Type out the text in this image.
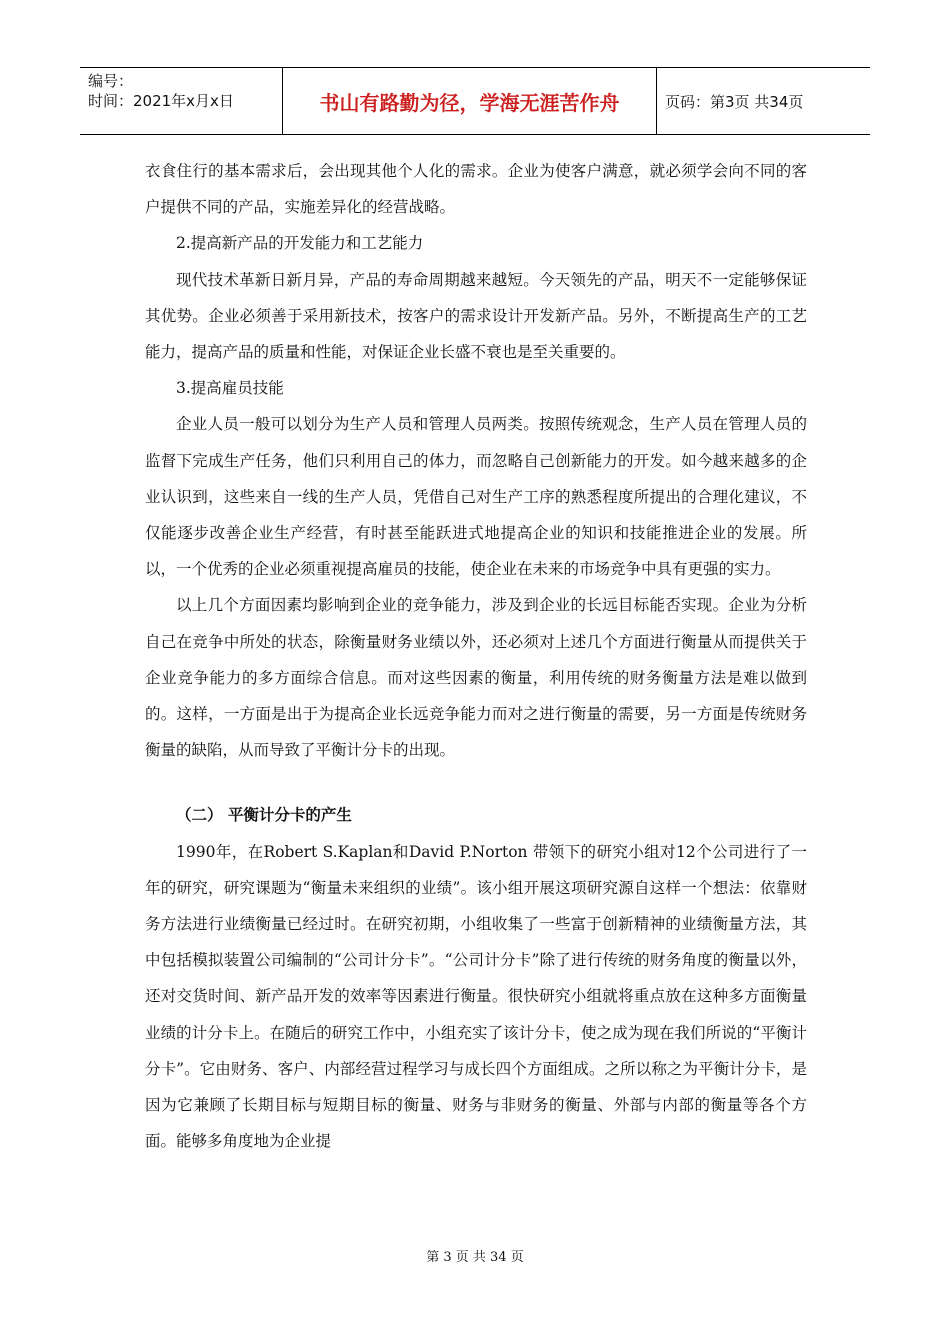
编号：
时间：2021年x月x日	书山有路勤为径，学海无涯苦作舟	页码：第3页 共34页

衣食住行的基本需求后，会出现其他个人化的需求。企业为使客户满意，就必须学会向不同的客户提供不同的产品，实施差异化的经营战略。

2.提高新产品的开发能力和工艺能力

现代技术革新日新月异，产品的寿命周期越来越短。今天领先的产品，明天不一定能够保证其优势。企业必须善于采用新技术，按客户的需求设计开发新产品。另外，不断提高生产的工艺能力，提高产品的质量和性能，对保证企业长盛不衰也是至关重要的。

3.提高雇员技能

企业人员一般可以划分为生产人员和管理人员两类。按照传统观念，生产人员在管理人员的监督下完成生产任务，他们只利用自己的体力，而忽略自己创新能力的开发。如今越来越多的企业认识到，这些来自一线的生产人员，凭借自己对生产工序的熟悉程度所提出的合理化建议，不仅能逐步改善企业生产经营，有时甚至能跃进式地提高企业的知识和技能推进企业的发展。所以，一个优秀的企业必须重视提高雇员的技能，使企业在未来的市场竞争中具有更强的实力。

以上几个方面因素均影响到企业的竞争能力，涉及到企业的长远目标能否实现。企业为分析自己在竞争中所处的状态，除衡量财务业绩以外，还必须对上述几个方面进行衡量从而提供关于企业竞争能力的多方面综合信息。而对这些因素的衡量，利用传统的财务衡量方法是难以做到的。这样，一方面是出于为提高企业长远竞争能力而对之进行衡量的需要，另一方面是传统财务衡量的缺陷，从而导致了平衡计分卡的出现。

（二） 平衡计分卡的产生

1990年，在Robert S.Kaplan和David P.Norton 带领下的研究小组对12个公司进行了一年的研究，研究课题为“衡量未来组织的业绩”。该小组开展这项研究源自这样一个想法：依靠财务方法进行业绩衡量已经过时。在研究初期，小组收集了一些富于创新精神的业绩衡量方法，其中包括模拟装置公司编制的“公司计分卡”。“公司计分卡”除了进行传统的财务角度的衡量以外，还对交货时间、新产品开发的效率等因素进行衡量。很快研究小组就将重点放在这种多方面衡量业绩的计分卡上。在随后的研究工作中，小组充实了该计分卡，使之成为现在我们所说的“平衡计分卡”。它由财务、客户、内部经营过程学习与成长四个方面组成。之所以称之为平衡计分卡，是因为它兼顾了长期目标与短期目标的衡量、财务与非财务的衡量、外部与内部的衡量等各个方面。能够多角度地为企业提

第 3 页 共 34 页
